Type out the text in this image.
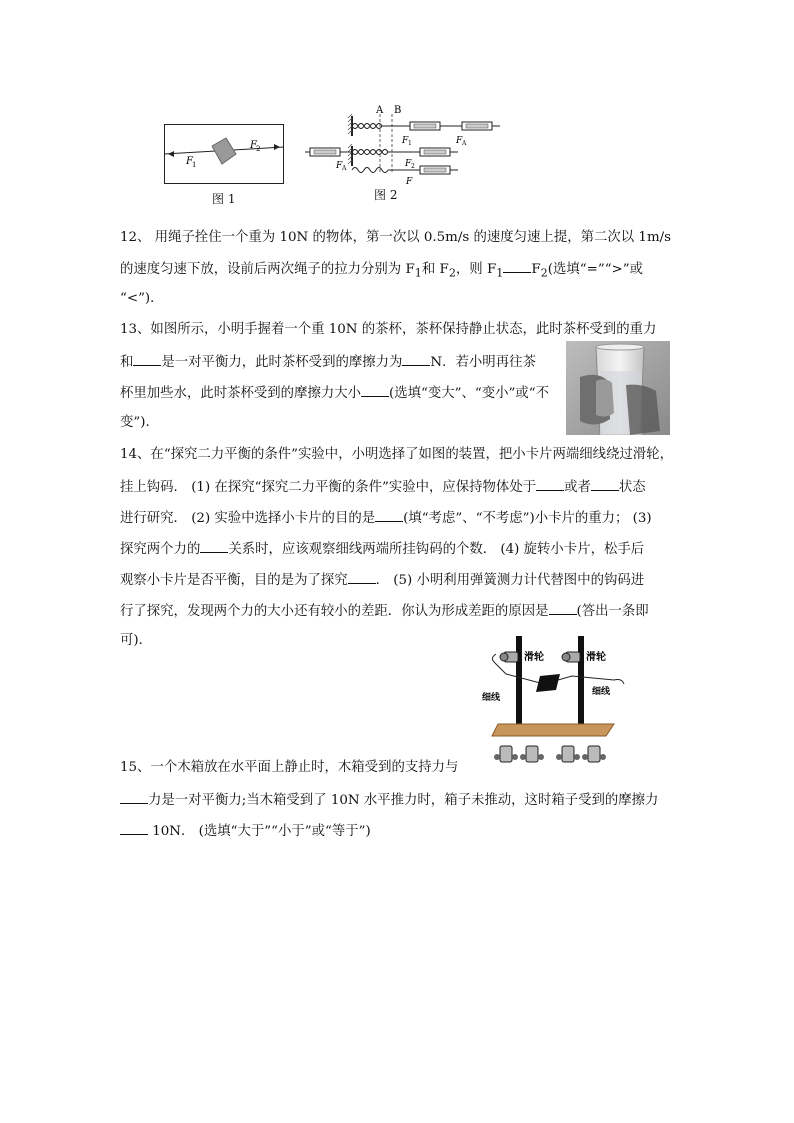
F 1
F 2
图 1
A B
F 1	F A
F A	F 2
F
图 2
12、 用绳子拴住一个重为 10N 的物体，第一次以 0.5m/s 的速度匀速上提，第二次以 1m/s
的速度匀速下放，设前后两次绳子的拉力分别为 $F_1$和 $F_2$，则 $F_1$ $F_2$(选填“=”“>”或
“<”)．
13、如图所示，小明手握着一个重 10N 的茶杯，茶杯保持静止状态，此时茶杯受到的重力
和 是一对平衡力，此时茶杯受到的摩擦力为 N．若小明再往茶
杯里加些水，此时茶杯受到的摩擦力大小 (选填“变大”、“变小”或“不
变”)．
14、在“探究二力平衡的条件”实验中，小明选择了如图的装置，把小卡片两端细线绕过滑轮，
挂上钩码． (1) 在探究“探究二力平衡的条件”实验中，应保持物体处于 或者 状态
进行研究． (2) 实验中选择小卡片的目的是 (填“考虑”、“不考虑”)小卡片的重力； (3)
探究两个力的 关系时，应该观察细线两端所挂钩码的个数． (4) 旋转小卡片，松手后
观察小卡片是否平衡，目的是为了探究 ． (5) 小明利用弹簧测力计代替图中的钩码进
行了探究，发现两个力的大小还有较小的差距．你认为形成差距的原因是 (答出一条即
可)．
滑轮	滑轮
细线
细线
15、一个木箱放在水平面上静止时，木箱受到的支持力与
力是一对平衡力;当木箱受到了 10N 水平推力时，箱子未推动，这时箱子受到的摩擦力
10N． (选填“大于”“小于”或“等于”)
